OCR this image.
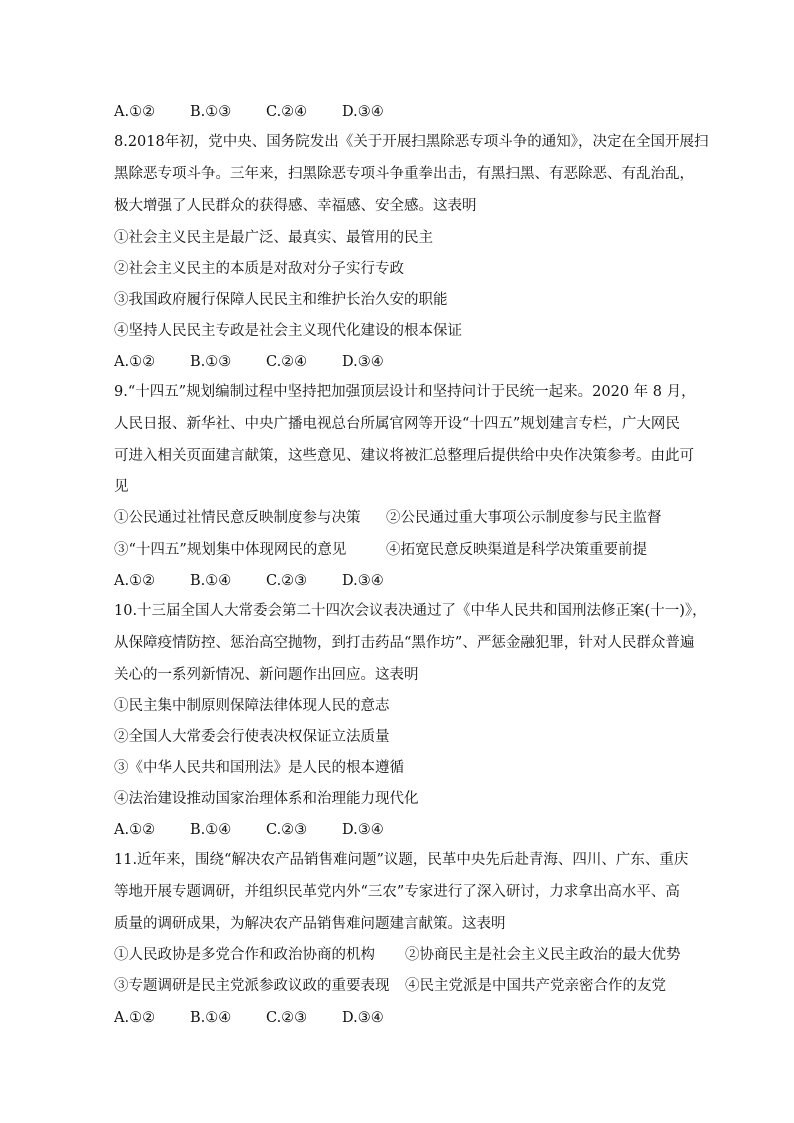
A.①② B.①③ C.②④ D.③④
8.2018年初，党中央、国务院发出《关于开展扫黑除恶专项斗争的通知》，决定在全国开展扫
黑除恶专项斗争。三年来，扫黑除恶专项斗争重拳出击，有黑扫黑、有恶除恶、有乱治乱，
极大增强了人民群众的获得感、幸福感、安全感。这表明
①社会主义民主是最广泛、最真实、最管用的民主
②社会主义民主的本质是对敌对分子实行专政
③我国政府履行保障人民民主和维护长治久安的职能
④坚持人民民主专政是社会主义现代化建设的根本保证
A.①② B.①③ C.②④ D.③④
9.“十四五”规划编制过程中坚持把加强顶层设计和坚持问计于民统一起来。2020 年 8 月，
人民日报、新华社、中央广播电视总台所属官网等开设“十四五”规划建言专栏，广大网民
可进入相关页面建言献策，这些意见、建议将被汇总整理后提供给中央作决策参考。由此可
见
①公民通过社情民意反映制度参与决策 ②公民通过重大事项公示制度参与民主监督
③“十四五”规划集中体现网民的意见	④拓宽民意反映渠道是科学决策重要前提
A.①② B.①④ C.②③ D.③④
10.十三届全国人大常委会第二十四次会议表决通过了《中华人民共和国刑法修正案(十一)》，
从保障疫情防控、惩治高空抛物，到打击药品“黑作坊”、严惩金融犯罪，针对人民群众普遍
关心的一系列新情况、新问题作出回应。这表明
①民主集中制原则保障法律体现人民的意志
②全国人大常委会行使表决权保证立法质量
③《中华人民共和国刑法》是人民的根本遵循
④法治建设推动国家治理体系和治理能力现代化
A.①② B.①④ C.②③ D.③④
11.近年来，围绕“解决农产品销售难问题”议题，民革中央先后赴青海、四川、广东、重庆
等地开展专题调研，并组织民革党内外“三农”专家进行了深入研讨，力求拿出高水平、高
质量的调研成果，为解决农产品销售难问题建言献策。这表明
①人民政协是多党合作和政治协商的机构 ②协商民主是社会主义民主政治的最大优势
③专题调研是民主党派参政议政的重要表现 ④民主党派是中国共产党亲密合作的友党
A.①② B.①④ C.②③ D.③④
